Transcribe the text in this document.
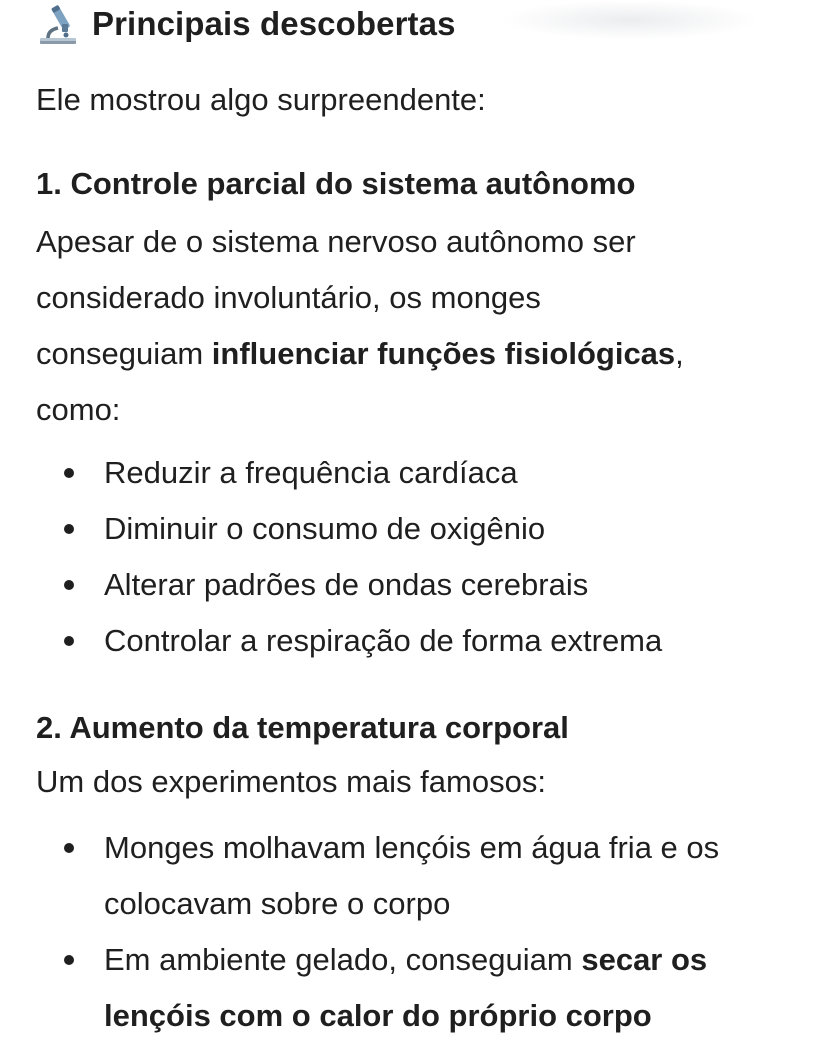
Principais descobertas
Ele mostrou algo surpreendente:
1. Controle parcial do sistema autônomo
Apesar de o sistema nervoso autônomo ser
considerado involuntário, os monges
conseguiam influenciar funções fisiológicas,
como:
Reduzir a frequência cardíaca
Diminuir o consumo de oxigênio
Alterar padrões de ondas cerebrais
Controlar a respiração de forma extrema
2. Aumento da temperatura corporal
Um dos experimentos mais famosos:
Monges molhavam lençóis em água fria e os
colocavam sobre o corpo
Em ambiente gelado, conseguiam secar os
lençóis com o calor do próprio corpo
